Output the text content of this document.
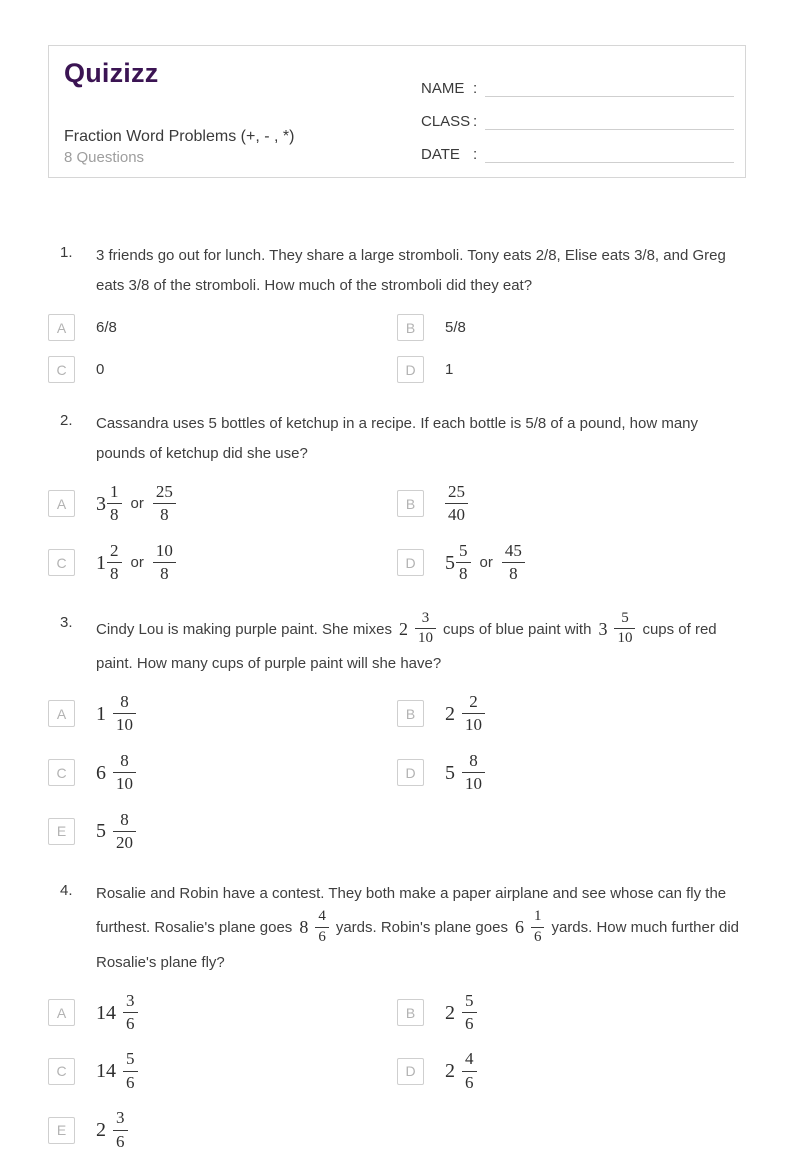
Quizizz
Fraction Word Problems (+, - , *)
8 Questions
NAME :
CLASS :
DATE :
1. 3 friends go out for lunch. They share a large stromboli. Tony eats 2/8, Elise eats 3/8, and Greg eats 3/8 of the stromboli. How much of the stromboli did they eat?
A	6/8	B	5/8
C	0	D	1
2. Cassandra uses 5 bottles of ketchup in a recipe. If each bottle is 5/8 of a pound, how many pounds of ketchup did she use?
A	$3 \frac{1}{8}$ or $\frac{25}{8}$	B	$\frac{25}{40}$
C	$1 \frac{2}{8}$ or $\frac{10}{8}$	D	$5 \frac{5}{8}$ or $\frac{45}{8}$
3. Cindy Lou is making purple paint. She mixes $2 \frac{3}{10}$ cups of blue paint with $3 \frac{5}{10}$ cups of red paint. How many cups of purple paint will she have?
A	$1 \frac{8}{10}$	B	$2 \frac{2}{10}$
C	$6 \frac{8}{10}$	D	$5 \frac{8}{10}$
E	$5 \frac{8}{20}$
4. Rosalie and Robin have a contest. They both make a paper airplane and see whose can fly the furthest. Rosalie's plane goes $8 \frac{4}{6}$ yards. Robin's plane goes $6 \frac{1}{6}$ yards. How much further did Rosalie's plane fly?
A	$14 \frac{3}{6}$	B	$2 \frac{5}{6}$
C	$14 \frac{5}{6}$	D	$2 \frac{4}{6}$
E	$2 \frac{3}{6}$
